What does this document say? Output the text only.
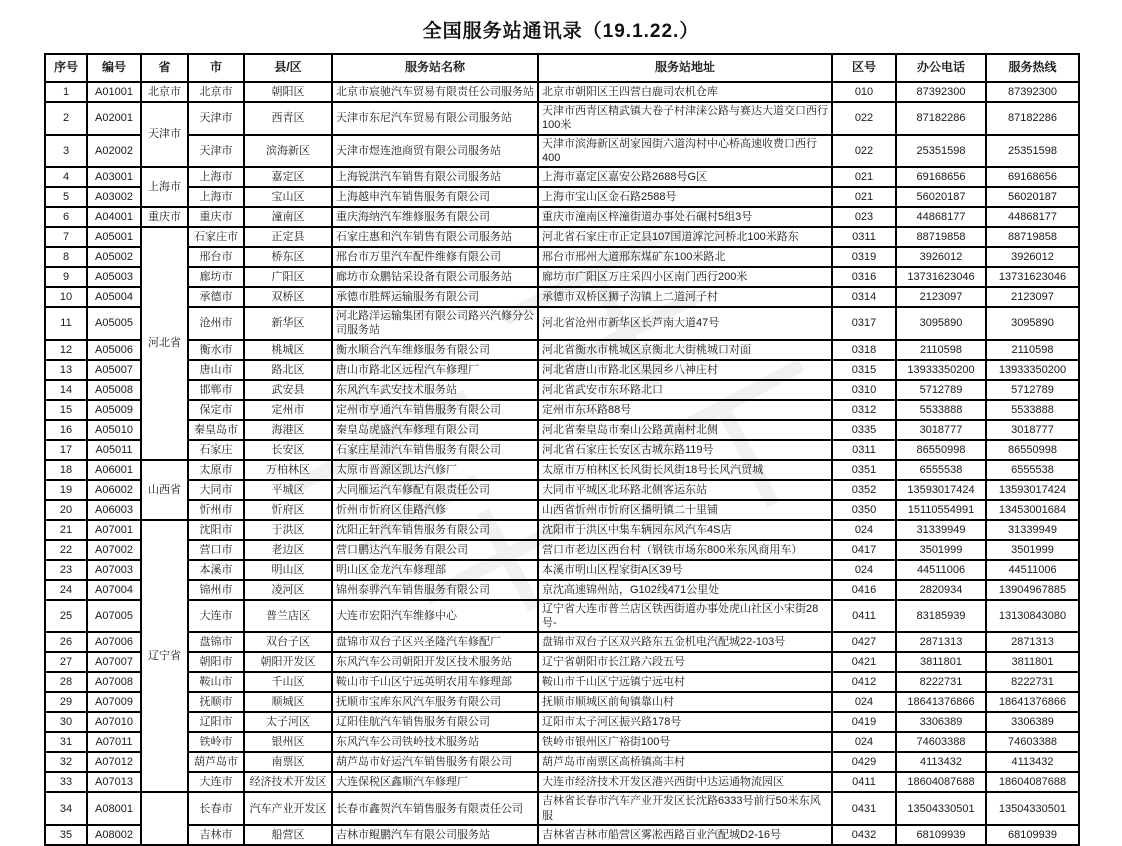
全国服务站通讯录（19.1.22.）
序号	编号	省	市	县/区	服务站名称	服务站地址	区号	办公电话	服务热线
1	A01001	北京市	北京市	朝阳区	北京市宸驰汽车贸易有限责任公司服务站	北京市朝阳区王四营白鹿司农机仓库	010	87392300	87392300
2	A02001	天津市	天津市	西青区	天津市东尼汽车贸易有限公司服务站	天津市西青区精武镇大卷子村津涞公路与赛达大道交口西行100米	022	87182286	87182286
3	A02002		天津市	滨海新区	天津市煜连池商贸有限公司服务站	天津市滨海新区胡家园街六道沟村中心桥高速收费口西行400	022	25351598	25351598
4	A03001	上海市	上海市	嘉定区	上海锐洪汽车销售有限公司服务站	上海市嘉定区嘉安公路2688号G区	021	69168656	69168656
5	A03002		上海市	宝山区	上海越申汽车销售服务有限公司	上海市宝山区金石路2588号	021	56020187	56020187
6	A04001	重庆市	重庆市	潼南区	重庆海纳汽车维修服务有限公司	重庆市潼南区梓潼街道办事处石碾村5组3号	023	44868177	44868177
7	A05001	河北省	石家庄市	正定县	石家庄惠和汽车销售有限公司服务站	河北省石家庄市正定县107国道滹沱河桥北100米路东	0311	88719858	88719858
8	A05002		邢台市	桥东区	邢台市万里汽车配件维修有限公司	邢台市邢州大道邢东煤矿东100米路北	0319	3926012	3926012
9	A05003		廊坊市	广阳区	廊坊市众鹏钻采设备有限公司服务站	廊坊市广阳区万庄采四小区南门西行200米	0316	13731623046	13731623046
10	A05004		承德市	双桥区	承德市胜辉运输服务有限公司	承德市双桥区狮子沟镇上二道河子村	0314	2123097	2123097
11	A05005		沧州市	新华区	河北路洋运输集团有限公司路兴汽修分公司服务站	河北省沧州市新华区长芦南大道47号	0317	3095890	3095890
12	A05006		衡水市	桃城区	衡水顺合汽车维修服务有限公司	河北省衡水市桃城区京衡北大街桃城口对面	0318	2110598	2110598
13	A05007		唐山市	路北区	唐山市路北区远程汽车修理厂	河北省唐山市路北区果园乡八神庄村	0315	13933350200	13933350200
14	A05008		邯郸市	武安县	东风汽车武安技术服务站	河北省武安市东环路北口	0310	5712789	5712789
15	A05009		保定市	定州市	定州市亨通汽车销售服务有限公司	定州市东环路88号	0312	5533888	5533888
16	A05010		秦皇岛市	海港区	秦皇岛虎盛汽车修理有限公司	河北省秦皇岛市秦山公路黄南村北侧	0335	3018777	3018777
17	A05011		石家庄	长安区	石家庄星沛汽车销售服务有限公司	河北省石家庄长安区古城东路119号	0311	86550998	86550998
18	A06001	山西省	太原市	万柏林区	太原市晋源区凯达汽修厂	太原市万柏林区长风街长风街18号长风汽贸城	0351	6555538	6555538
19	A06002		大同市	平城区	大同雁运汽车修配有限责任公司	大同市平城区北环路北侧客运东站	0352	13593017424	13593017424
20	A06003		忻州市	忻府区	忻州市忻府区佳路汽修	山西省忻州市忻府区播明镇二十里铺	0350	15110554991	13453001684
21	A07001	辽宁省	沈阳市	于洪区	沈阳正轩汽车销售服务有限公司	沈阳市于洪区中集车辆园东风汽车4S店	024	31339949	31339949
22	A07002		营口市	老边区	营口鹏达汽车服务有限公司	营口市老边区西台村（钢铁市场东800米东风商用车）	0417	3501999	3501999
23	A07003		本溪市	明山区	明山区金龙汽车修理部	本溪市明山区程家街A区39号	024	44511006	44511006
24	A07004		锦州市	凌河区	锦州泰骅汽车销售服务有限公司	京沈高速锦州站，G102线471公里处	0416	2820934	13904967885
25	A07005		大连市	普兰店区	大连市宏阳汽车维修中心	辽宁省大连市普兰店区铁西街道办事处虎山社区小宋街28号-	0411	83185939	13130843080
26	A07006		盘锦市	双台子区	盘锦市双台子区兴圣隆汽车修配厂	盘锦市双台子区双兴路东五金机电汽配城22-103号	0427	2871313	2871313
27	A07007		朝阳市	朝阳开发区	东风汽车公司朝阳开发区技术服务站	辽宁省朝阳市长江路六段五号	0421	3811801	3811801
28	A07008		鞍山市	千山区	鞍山市千山区宁远英明农用车修理部	鞍山市千山区宁远镇宁远屯村	0412	8222731	8222731
29	A07009		抚顺市	顺城区	抚顺市宝库东风汽车服务有限公司	抚顺市顺城区前甸镇靠山村	024	18641376866	18641376866
30	A07010		辽阳市	太子河区	辽阳佳航汽车销售服务有限公司	辽阳市太子河区振兴路178号	0419	3306389	3306389
31	A07011		铁岭市	银州区	东风汽车公司铁岭技术服务站	铁岭市银州区广裕街100号	024	74603388	74603388
32	A07012		葫芦岛市	南票区	葫芦岛市好运汽车销售服务有限公司	葫芦岛市南票区高桥镇高丰村	0429	4113432	4113432
33	A07013		大连市	经济技术开发区	大连保税区鑫顺汽车修理厂	大连市经济技术开发区港兴西街中达运通物流园区	0411	18604087688	18604087688
34	A08001		长春市	汽车产业开发区	长春市鑫贺汽车销售服务有限责任公司	吉林省长春市汽车产业开发区长沈路6333号前行50米东风服	0431	13504330501	13504330501
35	A08002		吉林市	船营区	吉林市鲲鹏汽车有限公司服务站	吉林省吉林市船营区雾凇西路百业汽配城D2-16号	0432	68109939	68109939
